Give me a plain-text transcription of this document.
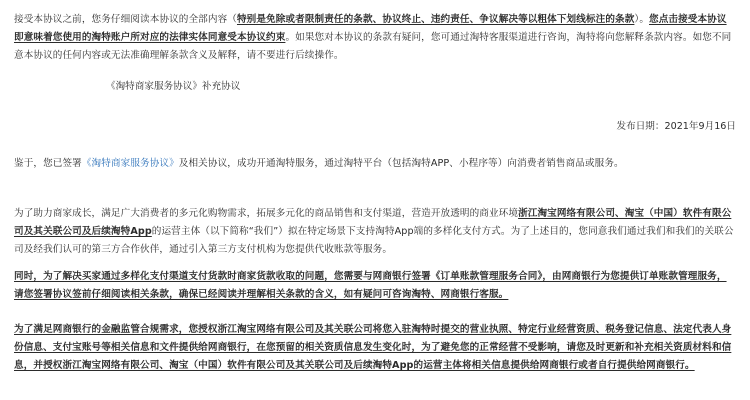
接受本协议之前，您务仔细阅读本协议的全部内容（特别是免除或者限制责任的条款、协议终止、违约责任、争议解决等以粗体下划线标注的条款）。您点击接受本协议即意味着您使用的淘特账户所对应的法律实体同意受本协议约束。如果您对本协议的条款有疑问，您可通过淘特客服渠道进行咨询，淘特将向您解释条款内容。如您不同意本协议的任何内容或无法准确理解条款含义及解释，请不要进行后续操作。

《淘特商家服务协议》补充协议
发布日期：2021年9月16日

鉴于，您已签署《淘特商家服务协议》及相关协议，成功开通淘特服务，通过淘特平台（包括淘特APP、小程序等）向消费者销售商品或服务。

为了助力商家成长，满足广大消费者的多元化购物需求，拓展多元化的商品销售和支付渠道，营造开放透明的商业环境浙江淘宝网络有限公司、淘宝（中国）软件有限公司及其关联公司及后续淘特App的运营主体（以下简称“我们”）拟在特定场景下支持淘特App端的多样化支付方式。为了上述目的，您同意我们通过我们和我们的关联公司及经我们认可的第三方合作伙伴，通过引入第三方支付机构为您提供代收账款等服务。

同时，为了解决买家通过多样化支付渠道支付货款时商家货款收取的问题，您需要与网商银行签署《订单账款管理服务合同》，由网商银行为您提供订单账款管理服务，请您签署协议签前仔细阅读相关条款，确保已经阅读并理解相关条款的含义，如有疑问可咨询淘特、网商银行客服。

为了满足网商银行的金融监管合规需求，您授权浙江淘宝网络有限公司及其关联公司将您入驻淘特时提交的营业执照、特定行业经营资质、税务登记信息、法定代表人身份信息、支付宝账号等相关信息和文件提供给网商银行，在您预留的相关资质信息发生变化时，为了避免您的正常经营不受影响，请您及时更新和补充相关资质材料和信息，并授权浙江淘宝网络有限公司、淘宝（中国）软件有限公司及其关联公司及后续淘特App的运营主体将相关信息提供给网商银行或者自行提供给网商银行。
